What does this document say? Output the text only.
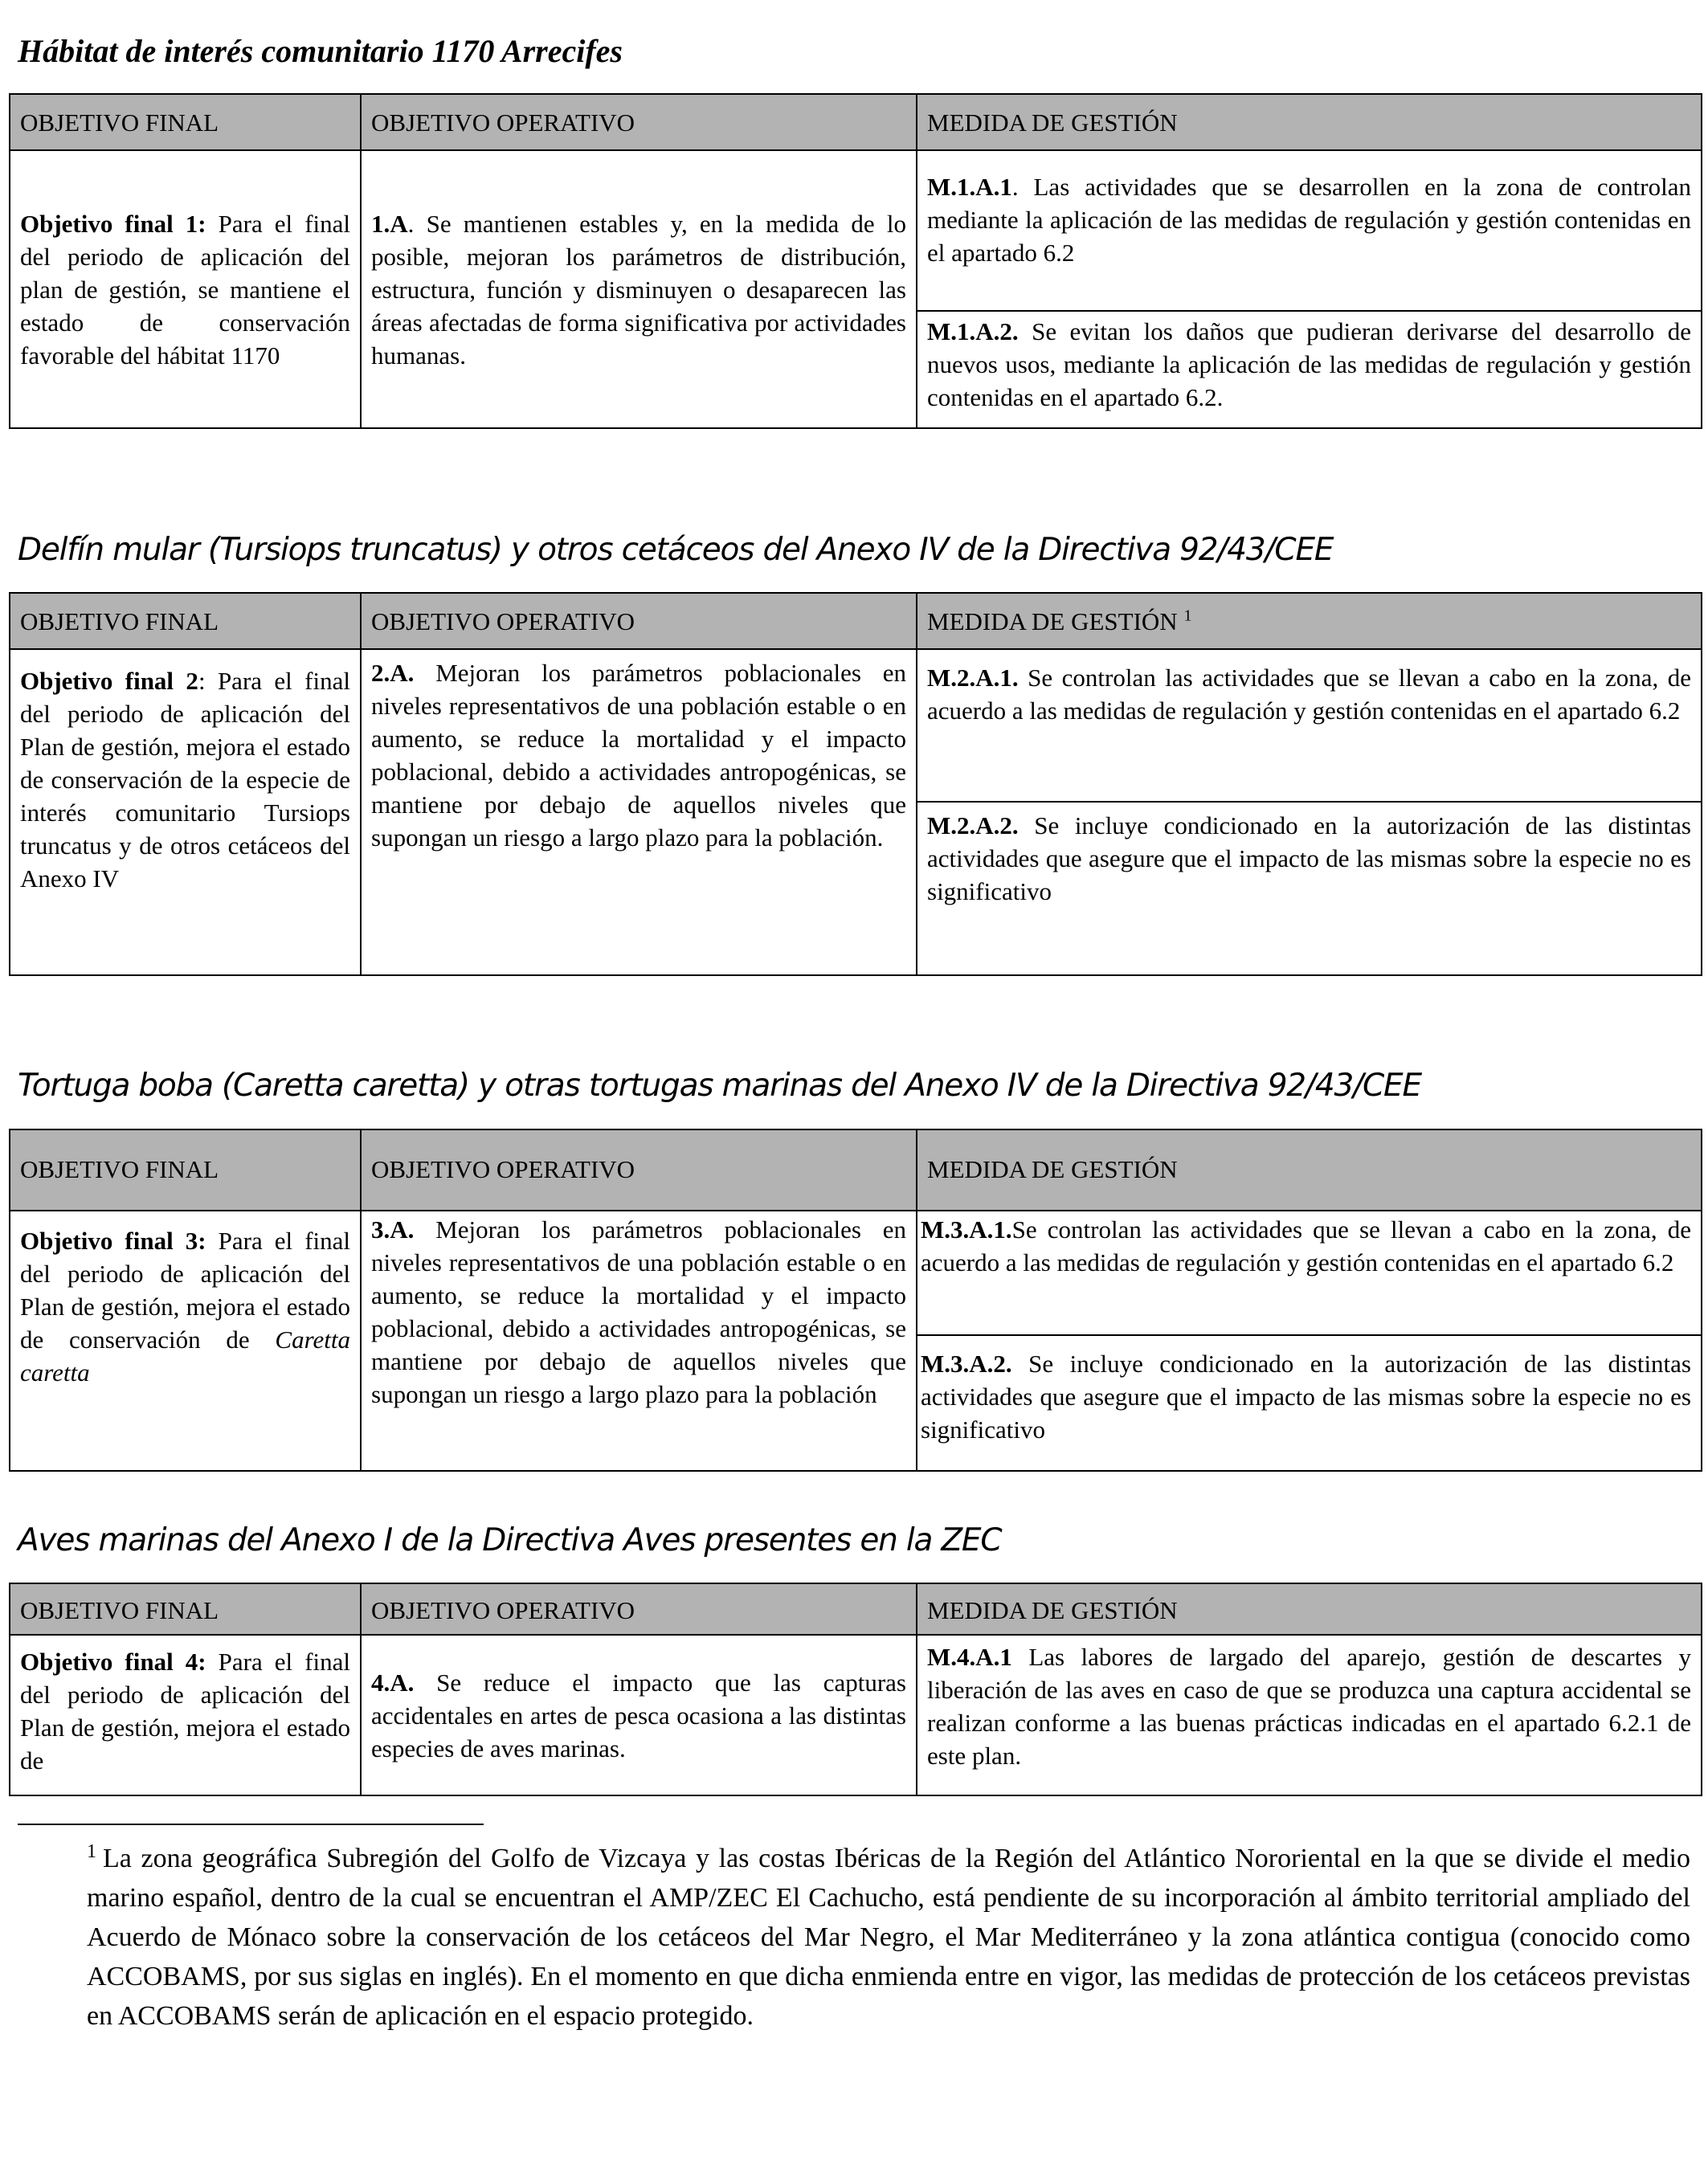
Hábitat de interés comunitario 1170 Arrecifes
OBJETIVO FINAL	OBJETIVO OPERATIVO	MEDIDA DE GESTIÓN
Objetivo final 1: Para el final del periodo de aplicación del plan de gestión, se mantiene el estado de conservación favorable del hábitat 1170	1.A. Se mantienen estables y, en la medida de lo posible, mejoran los parámetros de distribución, estructura, función y disminuyen o desaparecen las áreas afectadas de forma significativa por actividades humanas.	M.1.A.1. Las actividades que se desarrollen en la zona de controlan mediante la aplicación de las medidas de regulación y gestión contenidas en el apartado 6.2
		M.1.A.2. Se evitan los daños que pudieran derivarse del desarrollo de nuevos usos, mediante la aplicación de las medidas de regulación y gestión contenidas en el apartado 6.2.
Delfín mular (Tursiops truncatus) y otros cetáceos del Anexo IV de la Directiva 92/43/CEE
OBJETIVO FINAL	OBJETIVO OPERATIVO	MEDIDA DE GESTIÓN $^1$
Objetivo final 2: Para el final del periodo de aplicación del Plan de gestión, mejora el estado de conservación de la especie de interés comunitario Tursiops truncatus y de otros cetáceos del Anexo IV	2.A. Mejoran los parámetros poblacionales en niveles representativos de una población estable o en aumento, se reduce la mortalidad y el impacto poblacional, debido a actividades antropogénicas, se mantiene por debajo de aquellos niveles que supongan un riesgo a largo plazo para la población.	M.2.A.1. Se controlan las actividades que se llevan a cabo en la zona, de acuerdo a las medidas de regulación y gestión contenidas en el apartado 6.2
		M.2.A.2. Se incluye condicionado en la autorización de las distintas actividades que asegure que el impacto de las mismas sobre la especie no es significativo
Tortuga boba (Caretta caretta) y otras tortugas marinas del Anexo IV de la Directiva 92/43/CEE
OBJETIVO FINAL	OBJETIVO OPERATIVO	MEDIDA DE GESTIÓN
Objetivo final 3: Para el final del periodo de aplicación del Plan de gestión, mejora el estado de conservación de Caretta caretta	3.A. Mejoran los parámetros poblacionales en niveles representativos de una población estable o en aumento, se reduce la mortalidad y el impacto poblacional, debido a actividades antropogénicas, se mantiene por debajo de aquellos niveles que supongan un riesgo a largo plazo para la población	M.3.A.1.Se controlan las actividades que se llevan a cabo en la zona, de acuerdo a las medidas de regulación y gestión contenidas en el apartado 6.2
		M.3.A.2. Se incluye condicionado en la autorización de las distintas actividades que asegure que el impacto de las mismas sobre la especie no es significativo
Aves marinas del Anexo I de la Directiva Aves presentes en la ZEC
OBJETIVO FINAL	OBJETIVO OPERATIVO	MEDIDA DE GESTIÓN
Objetivo final 4: Para el final del periodo de aplicación del Plan de gestión, mejora el estado de	4.A. Se reduce el impacto que las capturas accidentales en artes de pesca ocasiona a las distintas especies de aves marinas.	M.4.A.1 Las labores de largado del aparejo, gestión de descartes y liberación de las aves en caso de que se produzca una captura accidental se realizan conforme a las buenas prácticas indicadas en el apartado 6.2.1 de este plan.
$^1$ La zona geográfica Subregión del Golfo de Vizcaya y las costas Ibéricas de la Región del Atlántico Nororiental en la que se divide el medio marino español, dentro de la cual se encuentran el AMP/ZEC El Cachucho, está pendiente de su incorporación al ámbito territorial ampliado del Acuerdo de Mónaco sobre la conservación de los cetáceos del Mar Negro, el Mar Mediterráneo y la zona atlántica contigua (conocido como ACCOBAMS, por sus siglas en inglés). En el momento en que dicha enmienda entre en vigor, las medidas de protección de los cetáceos previstas en ACCOBAMS serán de aplicación en el espacio protegido.
